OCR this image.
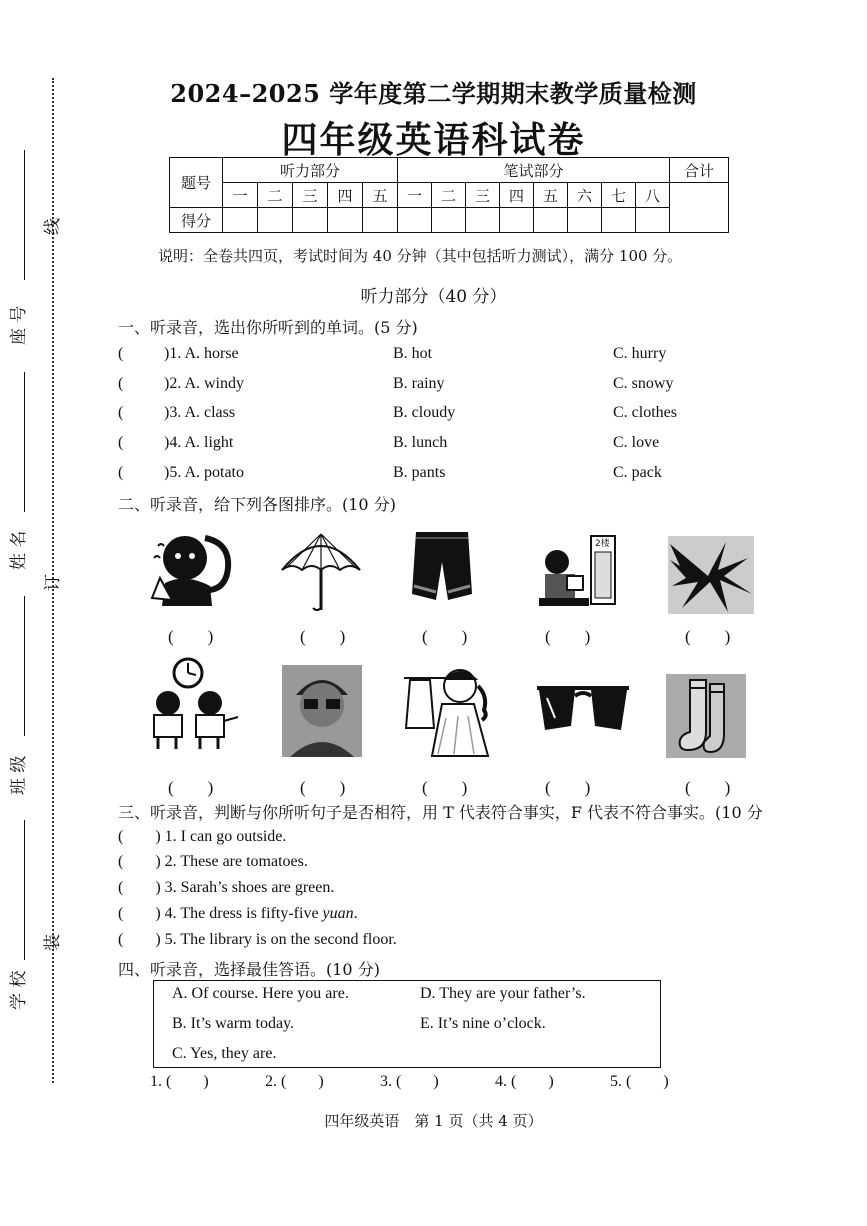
线
订
装
座 号
姓 名
班 级
学 校
2024–2025 学年度第二学期期末教学质量检测
四年级英语科试卷
题号	听力部分					笔试部分								合计
	一	二	三	四	五	一	二	三	四	五	六	七	八	
得分														
说明：全卷共四页，考试时间为 40 分钟（其中包括听力测试），满分 100 分。
听力部分（40 分）
一、听录音，选出你所听到的单词。(5 分)
(	)1. A. horse	B. hot	C. hurry
(	)2. A. windy	B. rainy	C. snowy
(	)3. A. class	B. cloudy	C. clothes
(	)4. A. light	B. lunch	C. love
(	)5. A. potato	B. pants	C. pack
二、听录音，给下列各图排序。(10 分)
2楼
(　　)	(　　)	(　　)	(　　)	(　　)
(　　)	(　　)	(　　)	(　　)	(　　)
三、听录音，判断与你所听句子是否相符，用 T 代表符合事实，F 代表不符合事实。(10 分
(        ) 1. I can go outside.
(        ) 2. These are tomatoes.
(        ) 3. Sarah’s shoes are green.
(        ) 4. The dress is fifty-five yuan.
(        ) 5. The library is on the second floor.
四、听录音，选择最佳答语。(10 分)
A. Of course. Here you are.	D. They are your father’s.
B. It’s warm today.	E. It’s nine o’clock.
C. Yes, they are.
1. (        )	2. (        )	3. (        )	4. (        )	5. (        )
四年级英语　第 1 页（共 4 页）
